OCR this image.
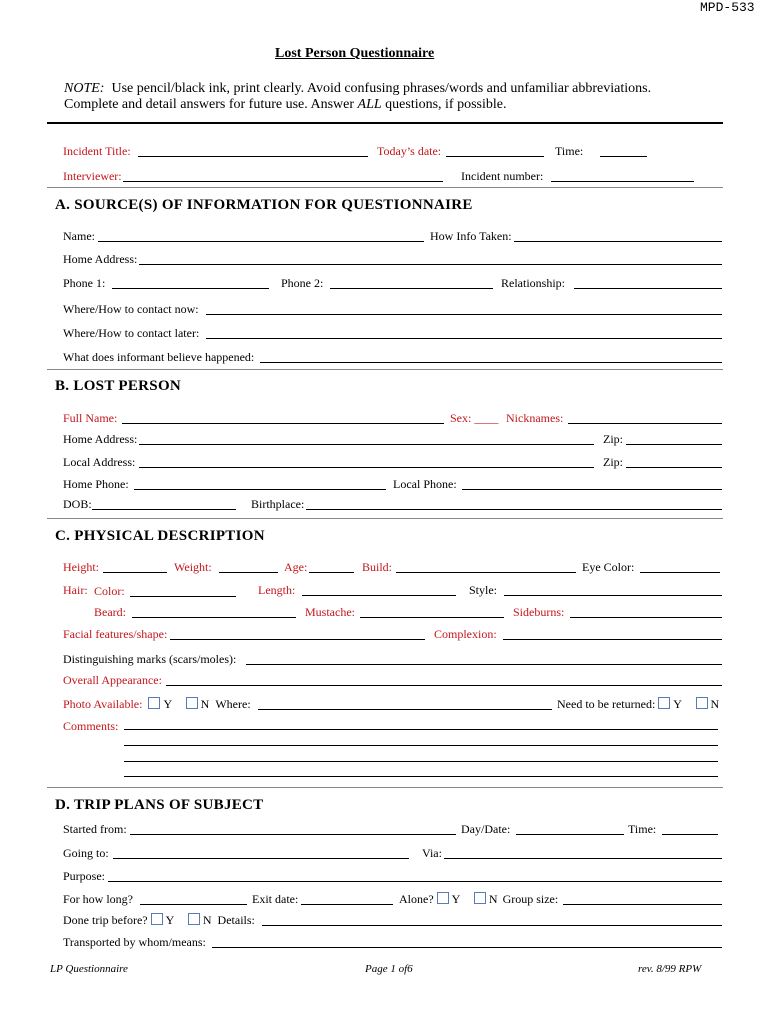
MPD-533
Lost Person Questionnaire
NOTE: Use pencil/black ink, print clearly. Avoid confusing phrases/words and unfamiliar abbreviations.
Complete and detail answers for future use. Answer ALL questions, if possible.
Incident Title:	Today’s date:	Time:
Interviewer:	Incident number:
A. SOURCE(S) OF INFORMATION FOR QUESTIONNAIRE
Name:	How Info Taken:
Home Address:
Phone 1:	Phone 2:	Relationship:
Where/How to contact now:
Where/How to contact later:
What does informant believe happened:
B. LOST PERSON
Full Name:	Sex: ____ Nicknames:
Home Address:	Zip:
Local Address:	Zip:
Home Phone:	Local Phone:
DOB:	Birthplace:
C. PHYSICAL DESCRIPTION
Height:	Weight:	Age:	Build:	Eye Color:
Hair: Color:	Length:	Style:
Beard:	Mustache:	Sideburns:
Facial features/shape:	Complexion:
Distinguishing marks (scars/moles):
Overall Appearance:
Photo Available: Y N Where:	Need to be returned: Y N
Comments:
D. TRIP PLANS OF SUBJECT
Started from:	Day/Date:	Time:
Going to:	Via:
Purpose:
For how long?	Exit date:	Alone? Y N Group size:
Done trip before? Y N Details:
Transported by whom/means:
LP Questionnaire	Page 1 of6	rev. 8/99 RPW
